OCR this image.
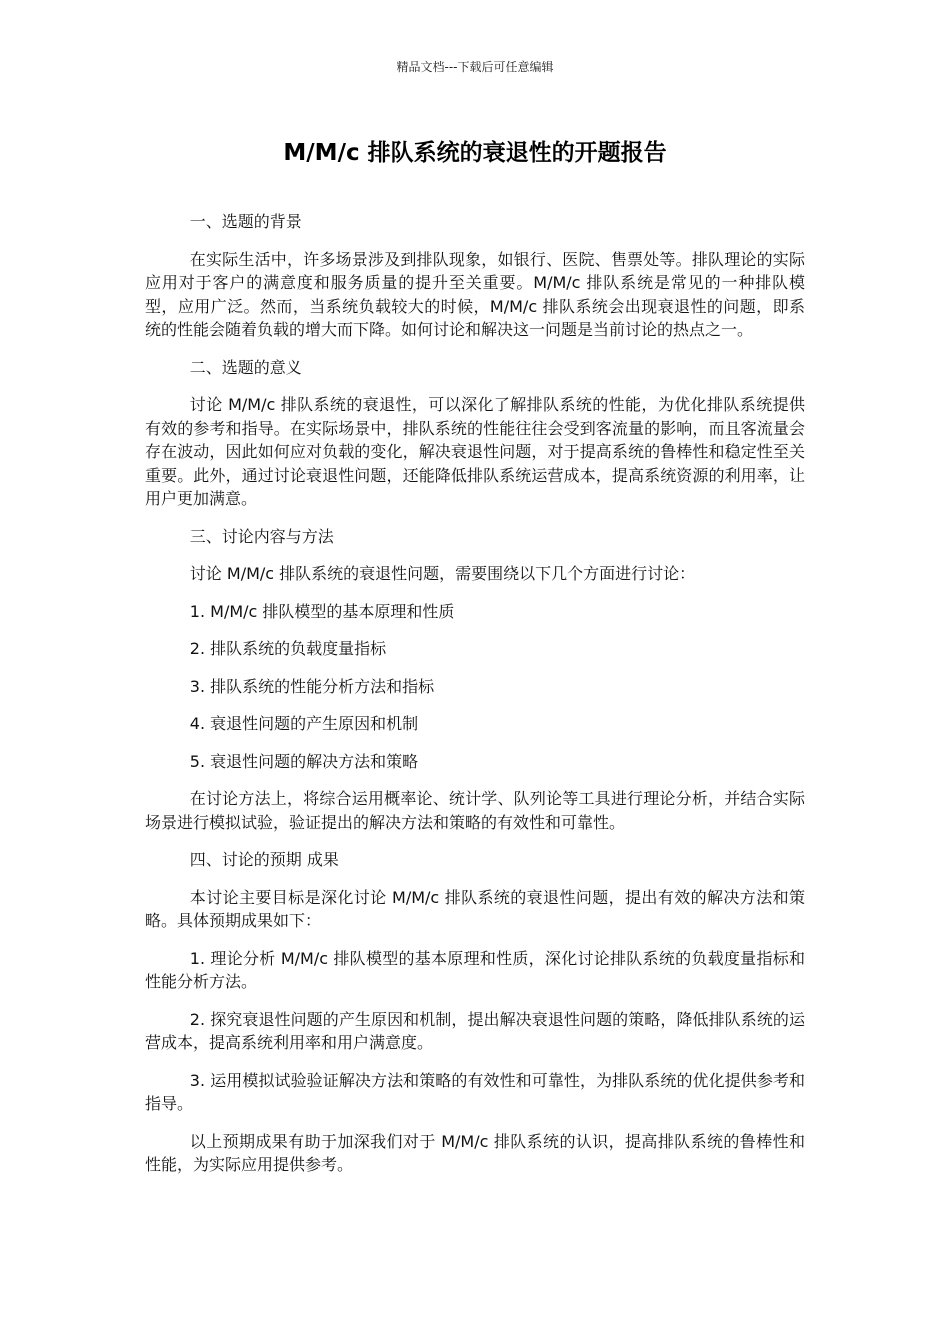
精品文档---下载后可任意编辑
M/M/c 排队系统的衰退性的开题报告

一、选题的背景

在实际生活中，许多场景涉及到排队现象，如银行、医院、售票处等。排队理论的实际应用对于客户的满意度和服务质量的提升至关重要。M/M/c 排队系统是常见的一种排队模型，应用广泛。然而，当系统负载较大的时候，M/M/c 排队系统会出现衰退性的问题，即系统的性能会随着负载的增大而下降。如何讨论和解决这一问题是当前讨论的热点之一。

二、选题的意义

讨论 M/M/c 排队系统的衰退性，可以深化了解排队系统的性能，为优化排队系统提供有效的参考和指导。在实际场景中，排队系统的性能往往会受到客流量的影响，而且客流量会存在波动，因此如何应对负载的变化，解决衰退性问题，对于提高系统的鲁棒性和稳定性至关重要。此外，通过讨论衰退性问题，还能降低排队系统运营成本，提高系统资源的利用率，让用户更加满意。

三、讨论内容与方法

讨论 M/M/c 排队系统的衰退性问题，需要围绕以下几个方面进行讨论：

1. M/M/c 排队模型的基本原理和性质

2. 排队系统的负载度量指标

3. 排队系统的性能分析方法和指标

4. 衰退性问题的产生原因和机制

5. 衰退性问题的解决方法和策略

在讨论方法上，将综合运用概率论、统计学、队列论等工具进行理论分析，并结合实际场景进行模拟试验，验证提出的解决方法和策略的有效性和可靠性。

四、讨论的预期 成果

本讨论主要目标是深化讨论 M/M/c 排队系统的衰退性问题，提出有效的解决方法和策略。具体预期成果如下：

1. 理论分析 M/M/c 排队模型的基本原理和性质，深化讨论排队系统的负载度量指标和性能分析方法。

2. 探究衰退性问题的产生原因和机制，提出解决衰退性问题的策略，降低排队系统的运营成本，提高系统利用率和用户满意度。

3. 运用模拟试验验证解决方法和策略的有效性和可靠性，为排队系统的优化提供参考和指导。

以上预期成果有助于加深我们对于 M/M/c 排队系统的认识，提高排队系统的鲁棒性和性能，为实际应用提供参考。
